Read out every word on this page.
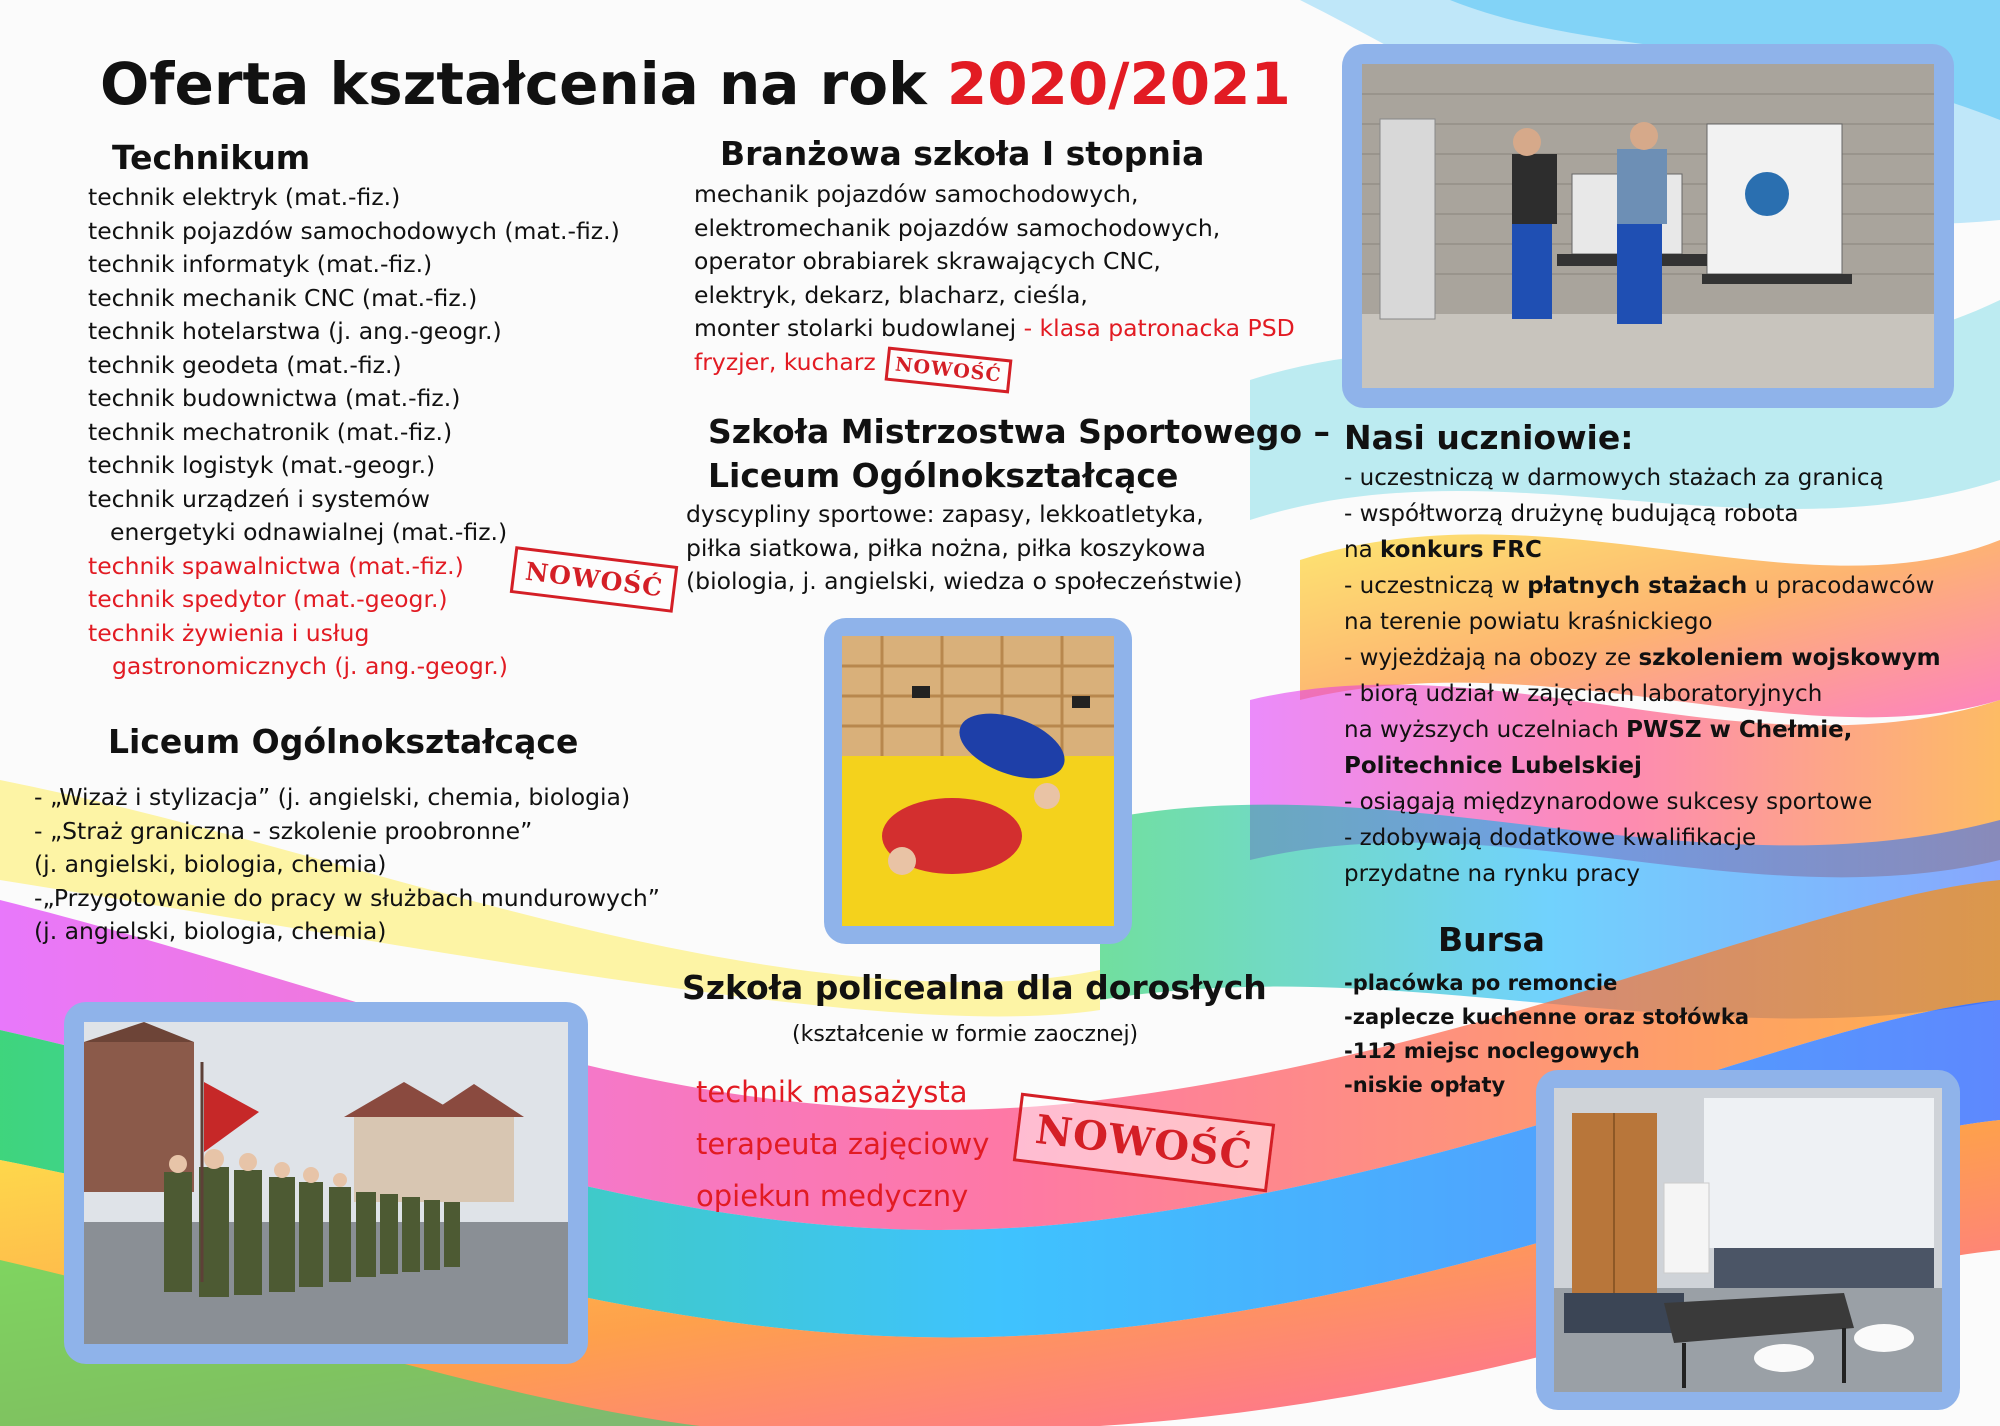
Oferta kształcenia na rok 2020/2021
Technikum
technik elektryk (mat.-fiz.)
technik pojazdów samochodowych (mat.-fiz.)
technik informatyk (mat.-fiz.)
technik mechanik CNC (mat.-fiz.)
technik hotelarstwa (j. ang.-geogr.)
technik geodeta (mat.-fiz.)
technik budownictwa (mat.-fiz.)
technik mechatronik (mat.-fiz.)
technik logistyk (mat.-geogr.)
technik urządzeń i systemów
energetyki odnawialnej (mat.-fiz.)
technik spawalnictwa (mat.-fiz.)
technik spedytor (mat.-geogr.)
technik żywienia i usług
gastronomicznych (j. ang.-geogr.)
NOWOŚĆ
Liceum Ogólnokształcące
- „Wizaż i stylizacja” (j. angielski, chemia, biologia)
- „Straż graniczna - szkolenie proobronne”
(j. angielski, biologia, chemia)
-„Przygotowanie do pracy w służbach mundurowych”
(j. angielski, biologia, chemia)
Branżowa szkoła I stopnia
mechanik pojazdów samochodowych,
elektromechanik pojazdów samochodowych,
operator obrabiarek skrawających CNC,
elektryk, dekarz, blacharz, cieśla,
monter stolarki budowlanej - klasa patronacka PSD
fryzjer, kucharz NOWOŚĆ
Szkoła Mistrzostwa Sportowego –
Liceum Ogólnokształcące
dyscypliny sportowe: zapasy, lekkoatletyka,
piłka siatkowa, piłka nożna, piłka koszykowa
(biologia, j. angielski, wiedza o społeczeństwie)
Szkoła policealna dla dorosłych
(kształcenie w formie zaocznej)
technik masażysta
terapeuta zajęciowy
opiekun medyczny
NOWOŚĆ
Nasi uczniowie:
- uczestniczą w darmowych stażach za granicą
- współtworzą drużynę budującą robota
na konkurs FRC
- uczestniczą w płatnych stażach u pracodawców
na terenie powiatu kraśnickiego
- wyjeżdżają na obozy ze szkoleniem wojskowym
- biorą udział w zajęciach laboratoryjnych
na wyższych uczelniach PWSZ w Chełmie,
Politechnice Lubelskiej
- osiągają międzynarodowe sukcesy sportowe
- zdobywają dodatkowe kwalifikacje
przydatne na rynku pracy
Bursa
-placówka po remoncie
-zaplecze kuchenne oraz stołówka
-112 miejsc noclegowych
-niskie opłaty
